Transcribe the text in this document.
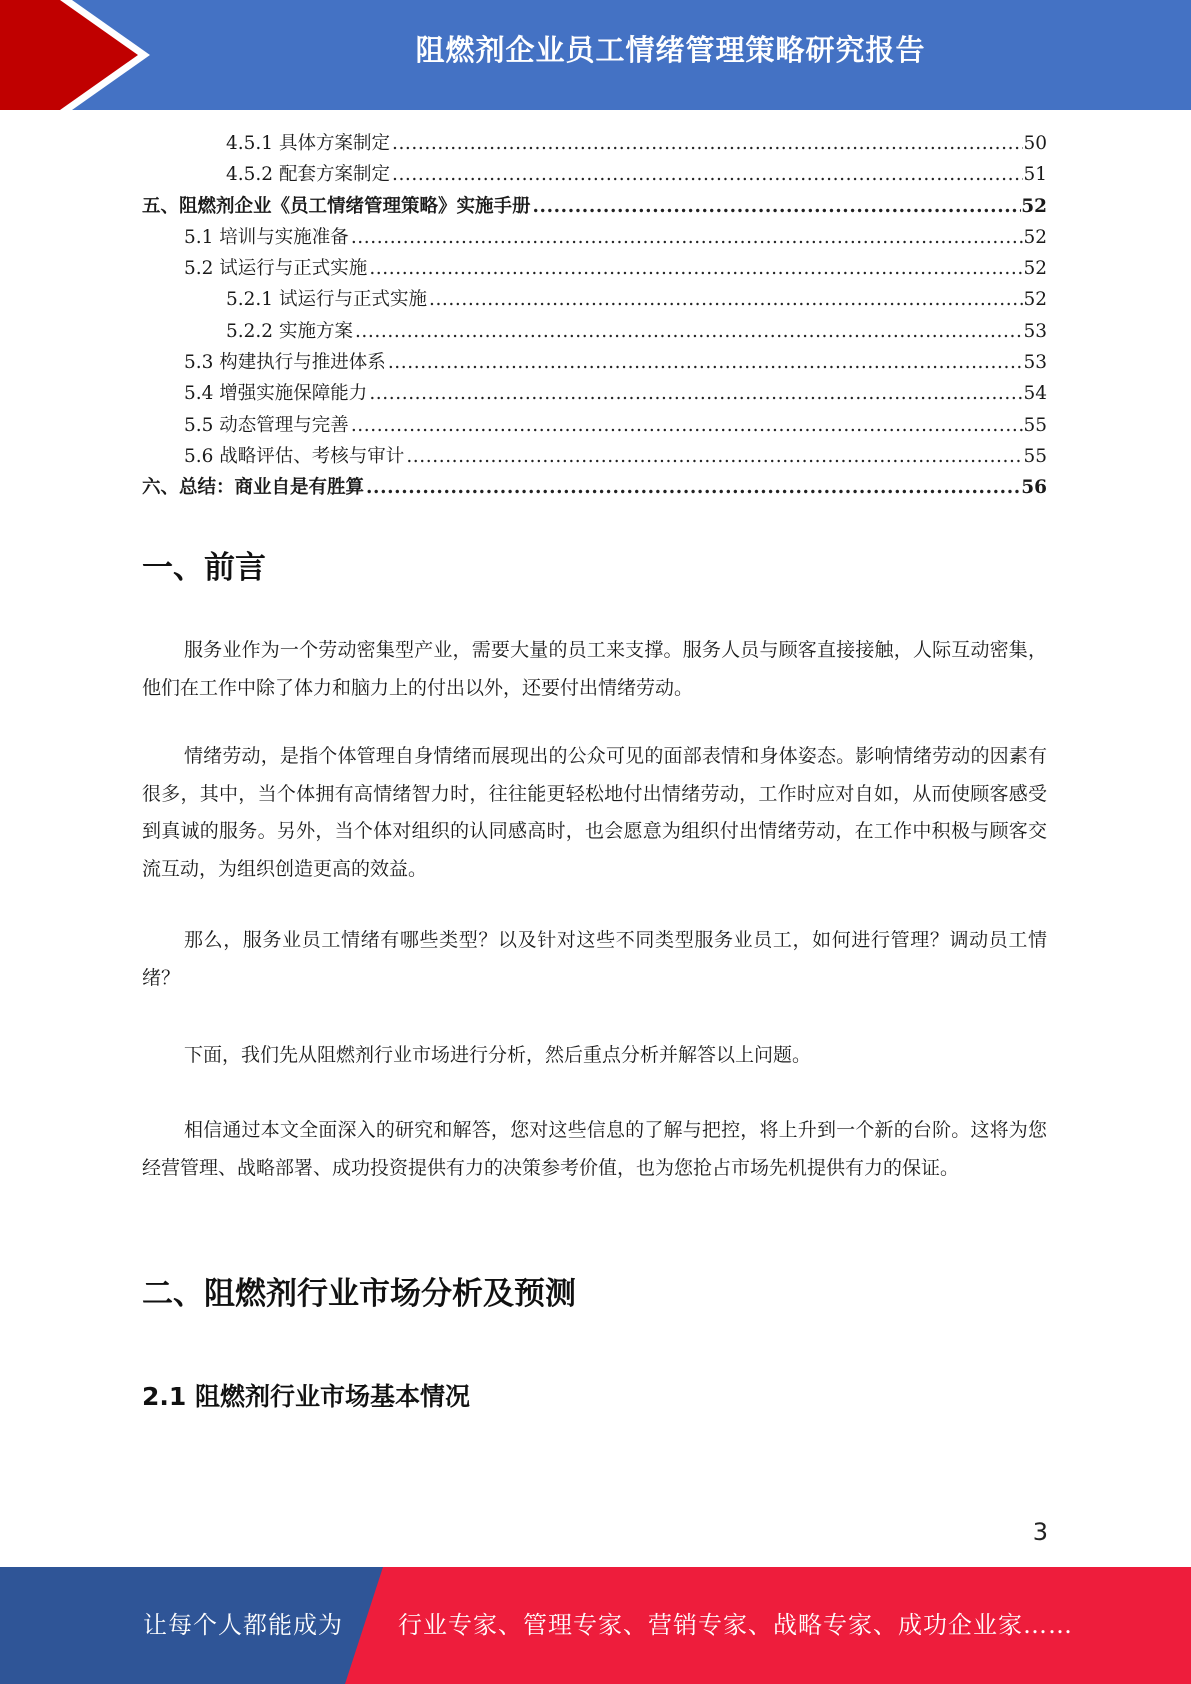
阻燃剂企业员工情绪管理策略研究报告
4.5.1 具体方案制定 .....	50
4.5.2 配套方案制定 .....	51
五、阻燃剂企业《员工情绪管理策略》实施手册 .....	52
5.1 培训与实施准备 .....	52
5.2 试运行与正式实施 .....	52
5.2.1 试运行与正式实施 .....	52
5.2.2 实施方案 .....	53
5.3 构建执行与推进体系 .....	53
5.4 增强实施保障能力 .....	54
5.5 动态管理与完善 .....	55
5.6 战略评估、考核与审计 .....	55
六、总结：商业自是有胜算 .....	56
一、前言

服务业作为一个劳动密集型产业，需要大量的员工来支撑。服务人员与顾客直接接触，人际互动密集，他们在工作中除了体力和脑力上的付出以外，还要付出情绪劳动。

情绪劳动，是指个体管理自身情绪而展现出的公众可见的面部表情和身体姿态。影响情绪劳动的因素有很多，其中，当个体拥有高情绪智力时，往往能更轻松地付出情绪劳动，工作时应对自如，从而使顾客感受到真诚的服务。另外，当个体对组织的认同感高时，也会愿意为组织付出情绪劳动，在工作中积极与顾客交流互动，为组织创造更高的效益。

那么，服务业员工情绪有哪些类型？以及针对这些不同类型服务业员工，如何进行管理？调动员工情绪？

下面，我们先从阻燃剂行业市场进行分析，然后重点分析并解答以上问题。

相信通过本文全面深入的研究和解答，您对这些信息的了解与把控，将上升到一个新的台阶。这将为您经营管理、战略部署、成功投资提供有力的决策参考价值，也为您抢占市场先机提供有力的保证。

二、阻燃剂行业市场分析及预测
2.1 阻燃剂行业市场基本情况
3
让每个人都能成为 行业专家、管理专家、营销专家、战略专家、成功企业家……
